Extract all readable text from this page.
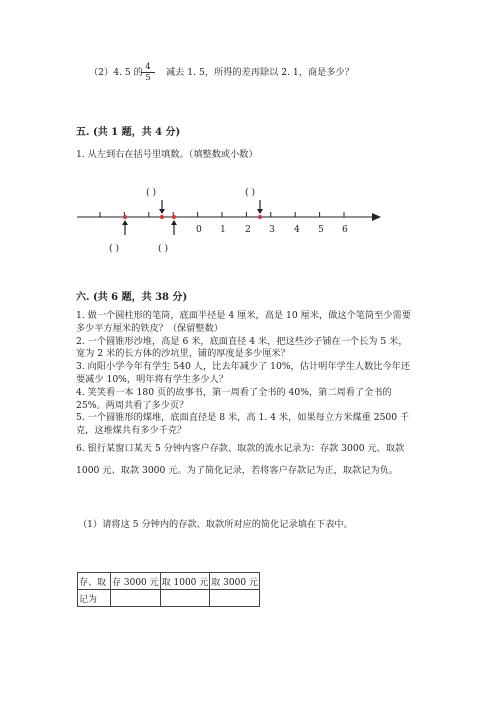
（2）4. 5 的
$\frac{4}{5}$ 减去 1. 5，所得的差再除以 2. 1，商是多少？
五. (共 1 题，共 4 分)
1. 从左到右在括号里填数。（填整数或小数）
0 1 2 3 4 5 6
( )	( )
( )	( )
六. (共 6 题，共 38 分)

1. 做一个圆柱形的笔筒，底面半径是 4 厘米，高是 10 厘米，做这个笔筒至少需要多少平方厘米的铁皮？（保留整数）

2. 一个圆锥形沙堆，高是 6 米，底面直径 4 米，把这些沙子铺在一个长为 5 米，宽为 2 米的长方体的沙坑里，铺的厚度是多少厘米？

3. 向阳小学今年有学生 540 人，比去年减少了 10%，估计明年学生人数比今年还要减少 10%，明年将有学生多少人？

4. 笑笑看一本 180 页的故事书，第一周看了全书的 40%，第二周看了全书的 25%。两周共看了多少页？

5. 一个圆锥形的煤堆，底面直径是 8 米，高 1. 4 米，如果每立方米煤重 2500 千克，这堆煤共有多少千克？

6. 银行某窗口某天 5 分钟内客户存款、取款的流水记录为：存款 3000 元、取款 1000 元、取款 3000 元。为了简化记录，若将客户存款记为正，取款记为负。

（1）请将这 5 分钟内的存款、取款所对应的简化记录填在下表中。
存、取	存 3000 元	取 1000 元	取 3000 元
记为			
